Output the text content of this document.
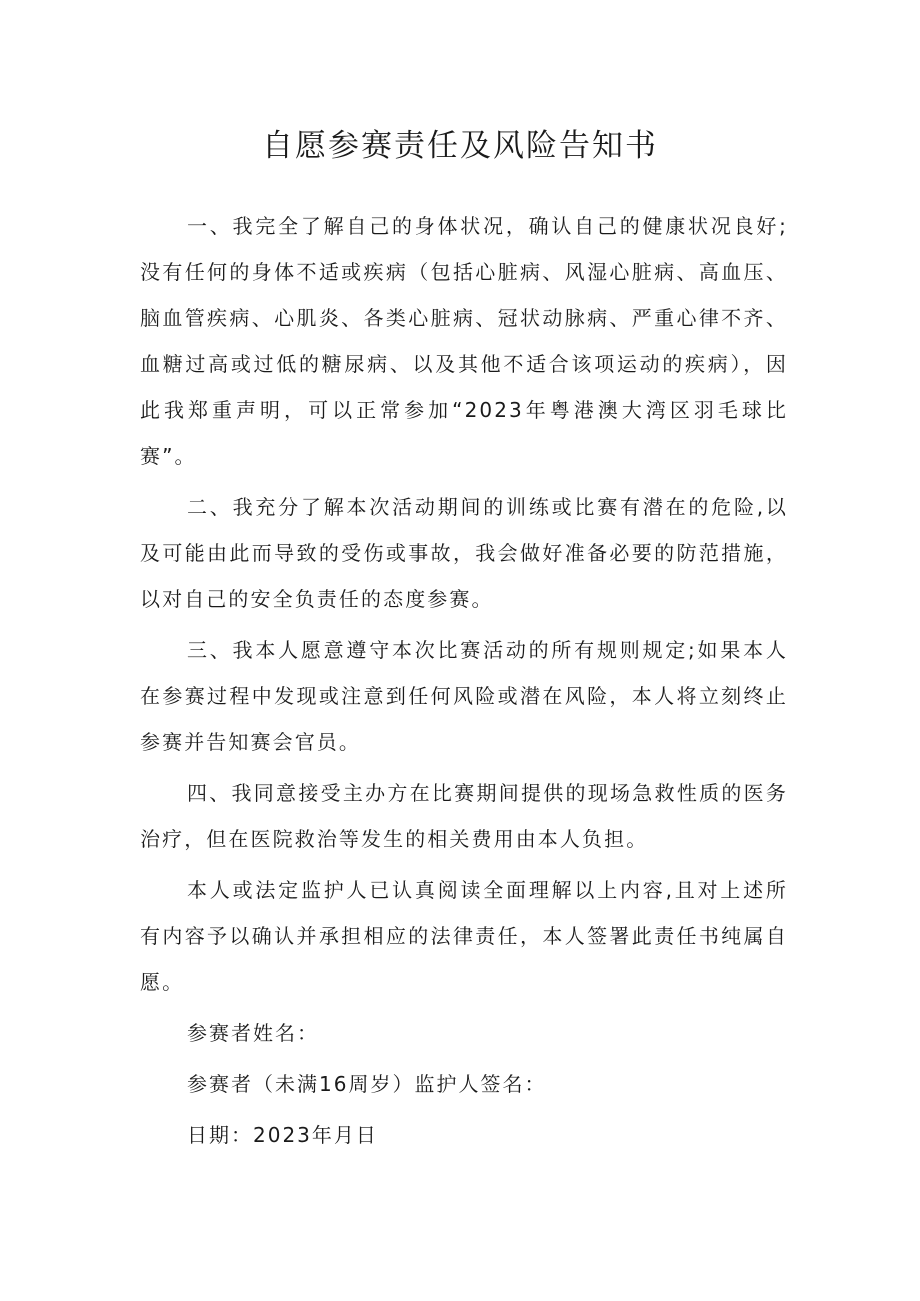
自愿参赛责任及风险告知书

一、我完全了解自己的身体状况，确认自己的健康状况良好;没有任何的身体不适或疾病（包括心脏病、风湿心脏病、高血压、脑血管疾病、心肌炎、各类心脏病、冠状动脉病、严重心律不齐、血糖过高或过低的糖尿病、以及其他不适合该项运动的疾病），因此我郑重声明，可以正常参加“2023年粤港澳大湾区羽毛球比赛”。

二、我充分了解本次活动期间的训练或比赛有潜在的危险,以及可能由此而导致的受伤或事故，我会做好准备必要的防范措施，以对自己的安全负责任的态度参赛。

三、我本人愿意遵守本次比赛活动的所有规则规定;如果本人在参赛过程中发现或注意到任何风险或潜在风险，本人将立刻终止参赛并告知赛会官员。

四、我同意接受主办方在比赛期间提供的现场急救性质的医务治疗，但在医院救治等发生的相关费用由本人负担。

本人或法定监护人已认真阅读全面理解以上内容,且对上述所有内容予以确认并承担相应的法律责任，本人签署此责任书纯属自愿。

参赛者姓名：
参赛者（未满16周岁）监护人签名：
日期：2023年月日
